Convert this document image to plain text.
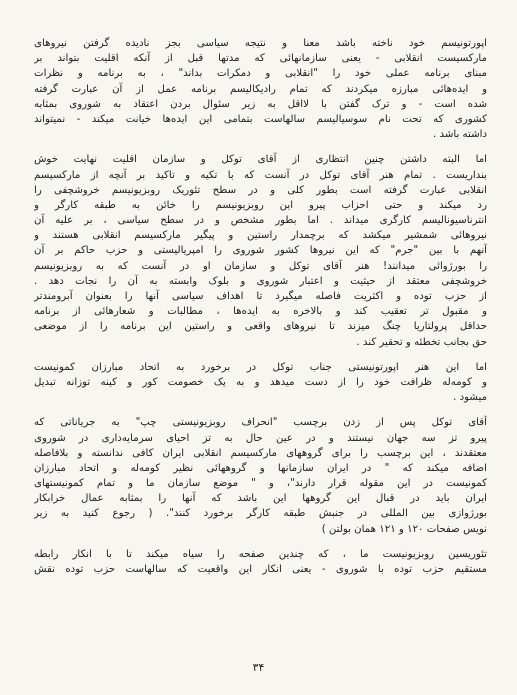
اپورتونیسم خود ناخته باشد معنا و نتیجه سیاسی بجز نادیده گرفتن نیروهای
مارکسیست انقلابی - یعنی سازمانهائی که مدتها قبل از آنکه اقلیت بتواند بر
مبنای برنامه عملی خود را "انقلابی و دمکرات بداند" ، به برنامه و نظرات
و ایده‌هائی مبارزه میکردند که تمام رادیکالیسم برنامه عمل از آن عبارت گرفته
شده است - و ترک گفتن با لااقل به زیر سئوال بردن اعتقاد به شوروی بمثابه
کشوری که تحت نام سوسیالیسم سالهاست بتمامی این ایده‌ها خیانت میکند - نمیتواند
داشته باشد .
اما البته داشتن چنین انتظاری از آقای توکل و سازمان اقلیت نهایت خوش
بنداریست . تمام هنر آقای توکل در آنست که با تکیه و تاکید بر آنچه از مارکسیسم
انقلابی عبارت گرفته است بطور کلی و در سطح تئوریک روبزیونیسم خروشچفی را
رد میکند و حتی احزاب پیرو این روبزیونیسم را خائن به طبقه کارگر و
انترناسیونالیسم کارگری میداند . اما بطور مشخص و در سطح سیاسی ، بر علیه آن
نیروهائی شمشیر میکشد که برچمدار راستین و پیگیر مارکسیسم انقلابی هستند و
آنهم با بین "جرم" که این نیروها کشور شوروی را امپریالیستی و حزب حاکم بر آن
را بورژوائی میدانند! هنر آقای توکل و سازمان او در آنست که به روبزیونیسم
خروشچفی معتقد از حیثیت و اعتبار شوروی و بلوک وابسته به آن را نجات دهد .
از حزب توده و اکثریت فاصله میگیرد تا اهداف سیاسی آنها را بعنوان آبرومندتر
و مقبول تر تعقیب کند و بالاخره به ایده‌ها ، مطالبات و شعارهائی از برنامه
حداقل پرولتاریا چنگ میزند تا نیروهای واقعی و راستین این برنامه را از موضعی
حق بجانب تخطئه و تحقیر کند .
اما این هنر اپورتونیستی جناب توکل در برخورد به اتحاد مبارزان کمونیست
و کومه‌له ظرافت خود را از دست میدهد و به یک خصومت کور و کینه توزانه تبدیل
میشود .
آقای توکل پس از زدن برچسب "انحراف روبزیونیستی چپ" به جریاناتی که
پیرو تز سه جهان نیستند و در عین حال به تز احیای سرمایه‌داری در شوروی
معتقدند ، این برچسب را برای گروههای مارکسیسم انقلابی ایران کافی ندانسته و بلافاصله
اضافه میکند که " در ایران سازمانها و گروههائی نظیر کومه‌له و اتحاد مبارزان
کمونیست در این مقوله قرار دارند"، و " موضع سازمان ما و تمام کمونیستهای
ایران باید در قبال این گروهها این باشد که آنها را بمثابه عمال خرابکار
بورژوازی بین المللی در جنبش طبقه کارگر برخورد کنند". ( رجوع کنید به زیر
نویس صفحات ۱۲۰ و ۱۲۱ همان بولتن )
تئوریسین روبزیونیست ما ، که چندین صفحه را سیاه میکند تا با انکار رابطه
مستقیم حزب توده با شوروی - یعنی انکار این واقعیت که سالهاست حزب توده نقش
۳۴
